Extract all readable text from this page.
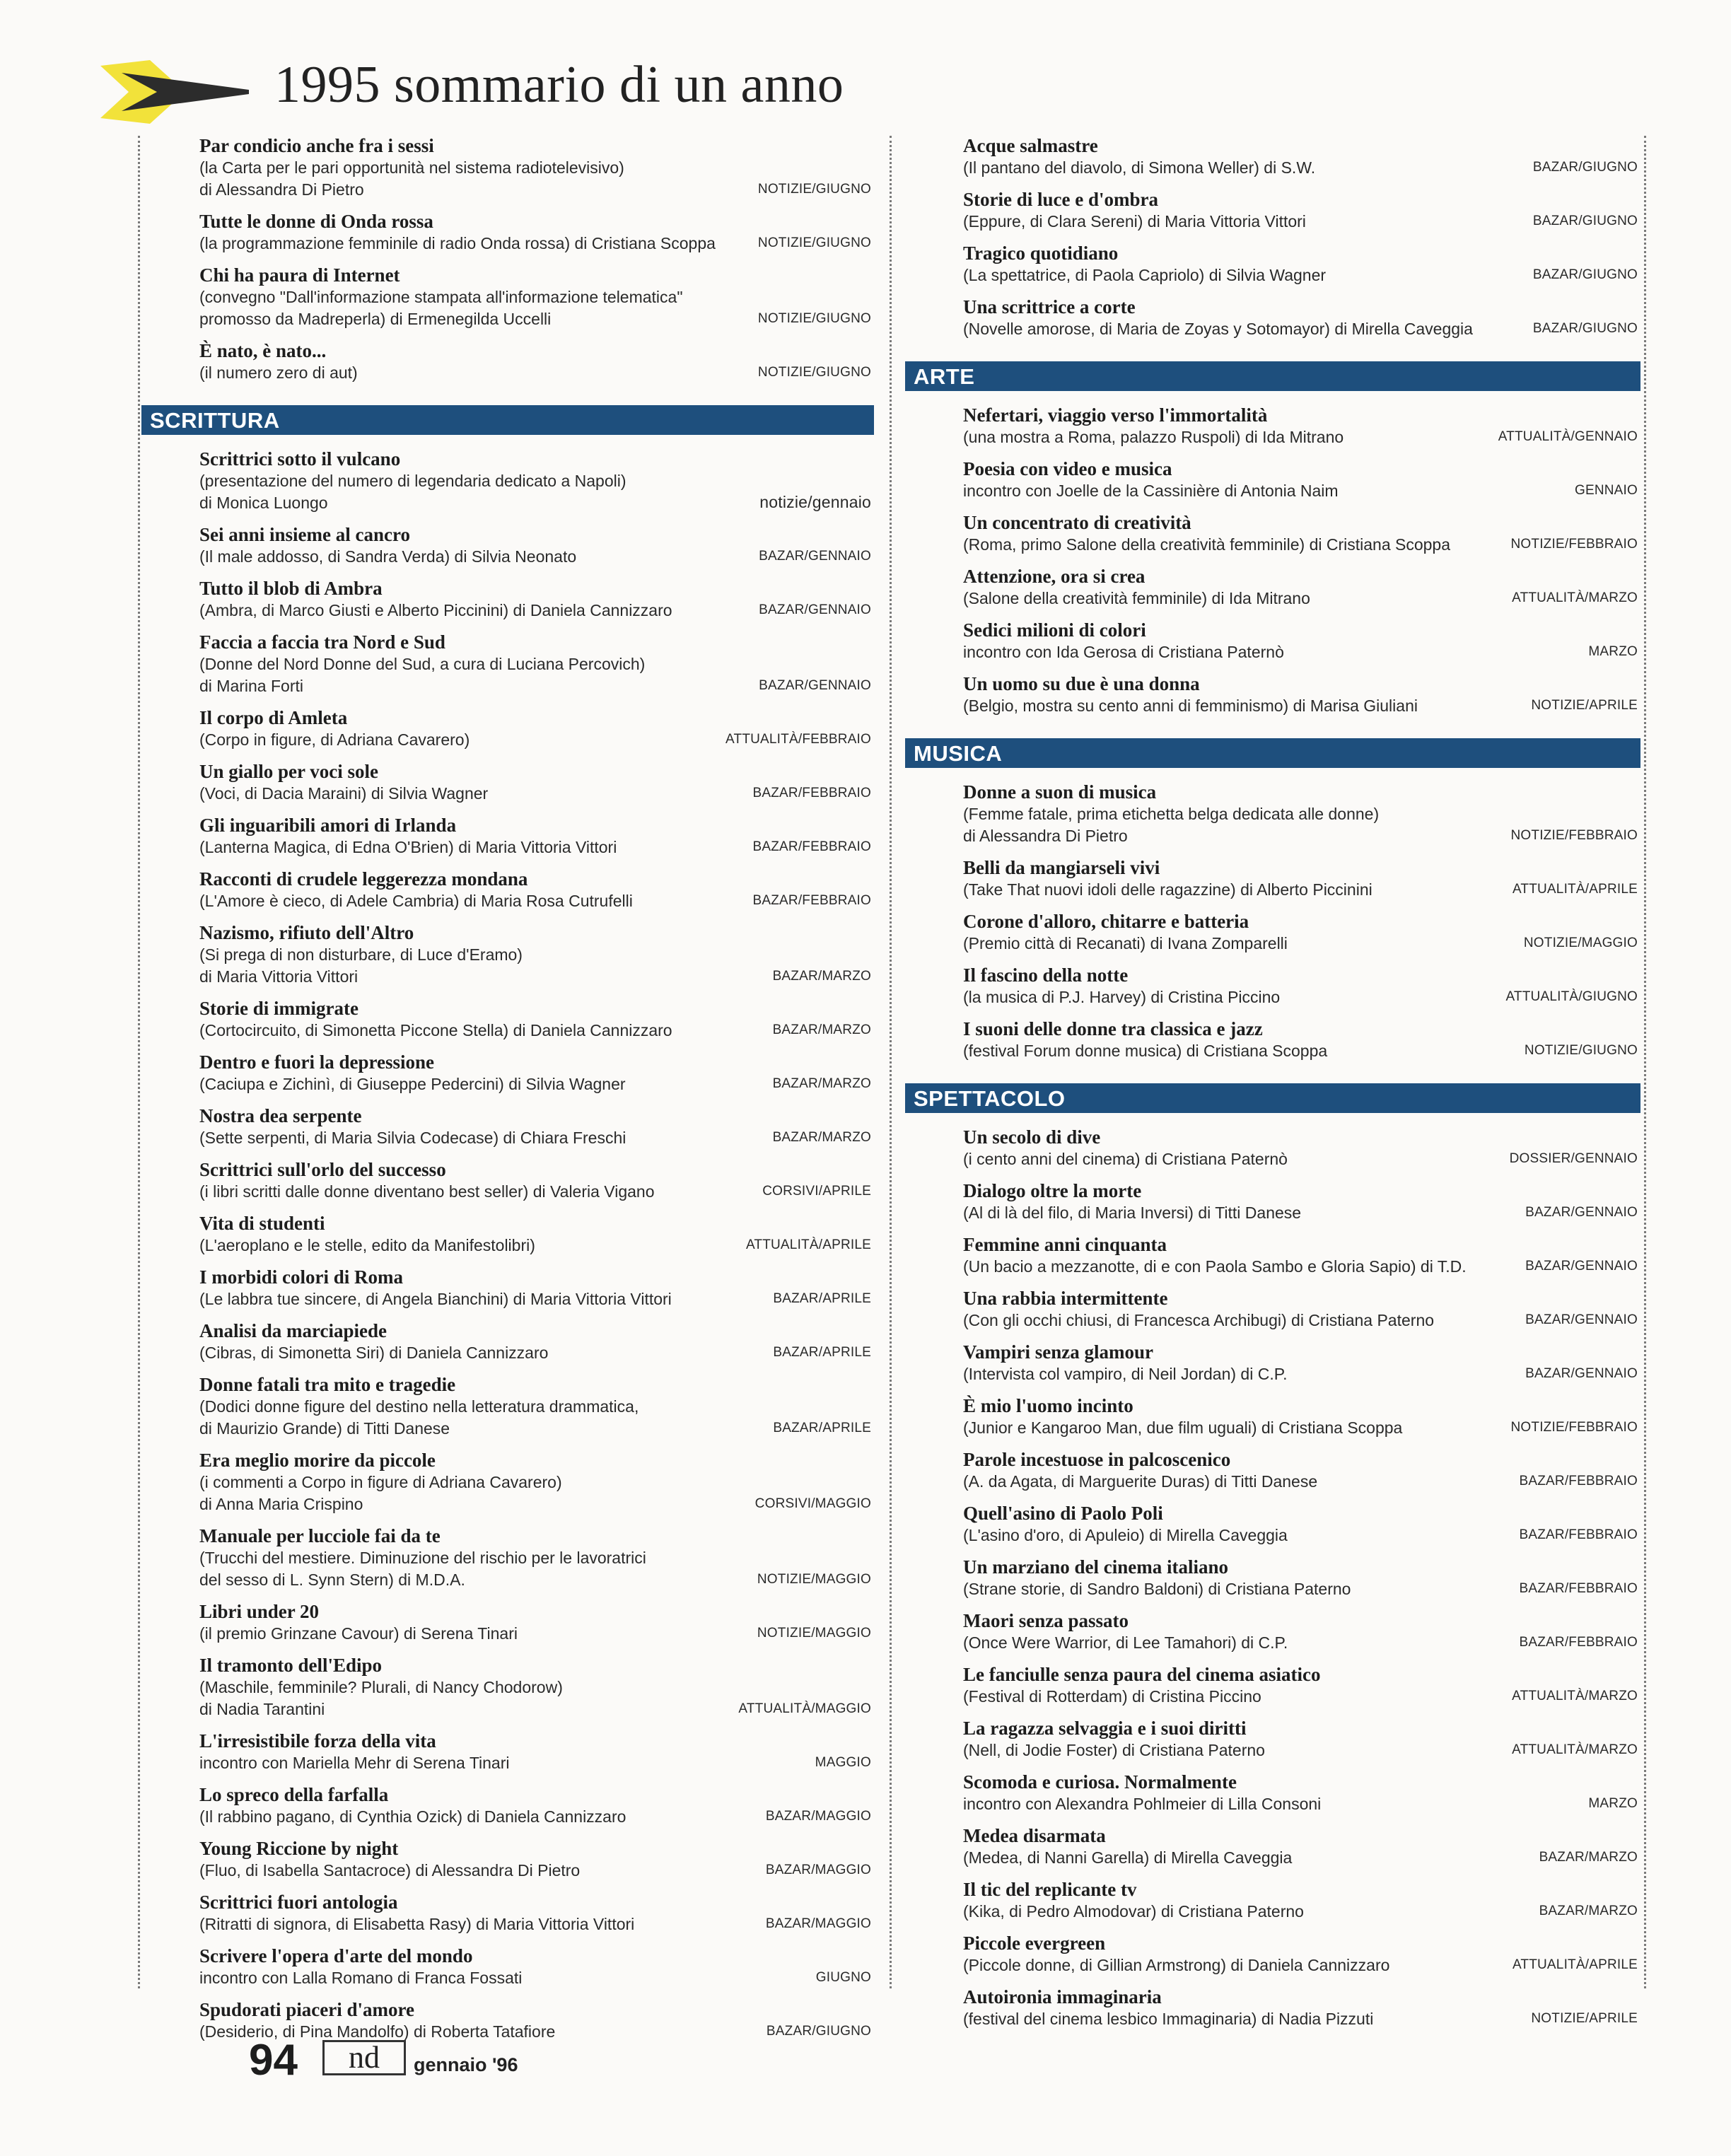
1995 sommario di un anno
Par condicio anche fra i sessi
(la Carta per le pari opportunità nel sistema radiotelevisivo)
di Alessandra Di Pietro	NOTIZIE/GIUGNO
Tutte le donne di Onda rossa
(la programmazione femminile di radio Onda rossa) di Cristiana Scoppa	NOTIZIE/GIUGNO
Chi ha paura di Internet
(convegno "Dall'informazione stampata all'informazione telematica"
promosso da Madreperla) di Ermenegilda Uccelli	NOTIZIE/GIUGNO
È nato, è nato...
(il numero zero di aut)	NOTIZIE/GIUGNO
SCRITTURA
Scrittrici sotto il vulcano
(presentazione del numero di legendaria dedicato a Napoli)
di Monica Luongo	notizie/gennaio
Sei anni insieme al cancro
(Il male addosso, di Sandra Verda) di Silvia Neonato	BAZAR/GENNAIO
Tutto il blob di Ambra
(Ambra, di Marco Giusti e Alberto Piccinini) di Daniela Cannizzaro	BAZAR/GENNAIO
Faccia a faccia tra Nord e Sud
(Donne del Nord Donne del Sud, a cura di Luciana Percovich)
di Marina Forti	BAZAR/GENNAIO
Il corpo di Amleta
(Corpo in figure, di Adriana Cavarero)	ATTUALITÀ/FEBBRAIO
Un giallo per voci sole
(Voci, di Dacia Maraini) di Silvia Wagner	BAZAR/FEBBRAIO
Gli inguaribili amori di Irlanda
(Lanterna Magica, di Edna O'Brien) di Maria Vittoria Vittori	BAZAR/FEBBRAIO
Racconti di crudele leggerezza mondana
(L'Amore è cieco, di Adele Cambria) di Maria Rosa Cutrufelli	BAZAR/FEBBRAIO
Nazismo, rifiuto dell'Altro
(Si prega di non disturbare, di Luce d'Eramo)
di Maria Vittoria Vittori	BAZAR/MARZO
Storie di immigrate
(Cortocircuito, di Simonetta Piccone Stella) di Daniela Cannizzaro	BAZAR/MARZO
Dentro e fuori la depressione
(Caciupa e Zichinì, di Giuseppe Pedercini) di Silvia Wagner	BAZAR/MARZO
Nostra dea serpente
(Sette serpenti, di Maria Silvia Codecase) di Chiara Freschi	BAZAR/MARZO
Scrittrici sull'orlo del successo
(i libri scritti dalle donne diventano best seller) di Valeria Vigano	CORSIVI/APRILE
Vita di studenti
(L'aeroplano e le stelle, edito da Manifestolibri)	ATTUALITÀ/APRILE
I morbidi colori di Roma
(Le labbra tue sincere, di Angela Bianchini) di Maria Vittoria Vittori	BAZAR/APRILE
Analisi da marciapiede
(Cibras, di Simonetta Siri) di Daniela Cannizzaro	BAZAR/APRILE
Donne fatali tra mito e tragedie
(Dodici donne figure del destino nella letteratura drammatica,
di Maurizio Grande) di Titti Danese	BAZAR/APRILE
Era meglio morire da piccole
(i commenti a Corpo in figure di Adriana Cavarero)
di Anna Maria Crispino	CORSIVI/MAGGIO
Manuale per lucciole fai da te
(Trucchi del mestiere. Diminuzione del rischio per le lavoratrici
del sesso di L. Synn Stern) di M.D.A.	NOTIZIE/MAGGIO
Libri under 20
(il premio Grinzane Cavour) di Serena Tinari	NOTIZIE/MAGGIO
Il tramonto dell'Edipo
(Maschile, femminile? Plurali, di Nancy Chodorow)
di Nadia Tarantini	ATTUALITÀ/MAGGIO
L'irresistibile forza della vita
incontro con Mariella Mehr di Serena Tinari	MAGGIO
Lo spreco della farfalla
(Il rabbino pagano, di Cynthia Ozick) di Daniela Cannizzaro	BAZAR/MAGGIO
Young Riccione by night
(Fluo, di Isabella Santacroce) di Alessandra Di Pietro	BAZAR/MAGGIO
Scrittrici fuori antologia
(Ritratti di signora, di Elisabetta Rasy) di Maria Vittoria Vittori	BAZAR/MAGGIO
Scrivere l'opera d'arte del mondo
incontro con Lalla Romano di Franca Fossati	GIUGNO
Spudorati piaceri d'amore
(Desiderio, di Pina Mandolfo) di Roberta Tatafiore	BAZAR/GIUGNO
Acque salmastre
(Il pantano del diavolo, di Simona Weller) di S.W.	BAZAR/GIUGNO
Storie di luce e d'ombra
(Eppure, di Clara Sereni) di Maria Vittoria Vittori	BAZAR/GIUGNO
Tragico quotidiano
(La spettatrice, di Paola Capriolo) di Silvia Wagner	BAZAR/GIUGNO
Una scrittrice a corte
(Novelle amorose, di Maria de Zoyas y Sotomayor) di Mirella Caveggia	BAZAR/GIUGNO
ARTE
Nefertari, viaggio verso l'immortalità
(una mostra a Roma, palazzo Ruspoli) di Ida Mitrano	ATTUALITÀ/GENNAIO
Poesia con video e musica
incontro con Joelle de la Cassinière di Antonia Naim	GENNAIO
Un concentrato di creatività
(Roma, primo Salone della creatività femminile) di Cristiana Scoppa	NOTIZIE/FEBBRAIO
Attenzione, ora si crea
(Salone della creatività femminile) di Ida Mitrano	ATTUALITÀ/MARZO
Sedici milioni di colori
incontro con Ida Gerosa di Cristiana Paternò	MARZO
Un uomo su due è una donna
(Belgio, mostra su cento anni di femminismo) di Marisa Giuliani	NOTIZIE/APRILE
MUSICA
Donne a suon di musica
(Femme fatale, prima etichetta belga dedicata alle donne)
di Alessandra Di Pietro	NOTIZIE/FEBBRAIO
Belli da mangiarseli vivi
(Take That nuovi idoli delle ragazzine) di Alberto Piccinini	ATTUALITÀ/APRILE
Corone d'alloro, chitarre e batteria
(Premio città di Recanati) di Ivana Zomparelli	NOTIZIE/MAGGIO
Il fascino della notte
(la musica di P.J. Harvey) di Cristina Piccino	ATTUALITÀ/GIUGNO
I suoni delle donne tra classica e jazz
(festival Forum donne musica) di Cristiana Scoppa	NOTIZIE/GIUGNO
SPETTACOLO
Un secolo di dive
(i cento anni del cinema) di Cristiana Paternò	DOSSIER/GENNAIO
Dialogo oltre la morte
(Al di là del filo, di Maria Inversi) di Titti Danese	BAZAR/GENNAIO
Femmine anni cinquanta
(Un bacio a mezzanotte, di e con Paola Sambo e Gloria Sapio) di T.D.	BAZAR/GENNAIO
Una rabbia intermittente
(Con gli occhi chiusi, di Francesca Archibugi) di Cristiana Paterno	BAZAR/GENNAIO
Vampiri senza glamour
(Intervista col vampiro, di Neil Jordan) di C.P.	BAZAR/GENNAIO
È mio l'uomo incinto
(Junior e Kangaroo Man, due film uguali) di Cristiana Scoppa	NOTIZIE/FEBBRAIO
Parole incestuose in palcoscenico
(A. da Agata, di Marguerite Duras) di Titti Danese	BAZAR/FEBBRAIO
Quell'asino di Paolo Poli
(L'asino d'oro, di Apuleio) di Mirella Caveggia	BAZAR/FEBBRAIO
Un marziano del cinema italiano
(Strane storie, di Sandro Baldoni) di Cristiana Paterno	BAZAR/FEBBRAIO
Maori senza passato
(Once Were Warrior, di Lee Tamahori) di C.P.	BAZAR/FEBBRAIO
Le fanciulle senza paura del cinema asiatico
(Festival di Rotterdam) di Cristina Piccino	ATTUALITÀ/MARZO
La ragazza selvaggia e i suoi diritti
(Nell, di Jodie Foster) di Cristiana Paterno	ATTUALITÀ/MARZO
Scomoda e curiosa. Normalmente
incontro con Alexandra Pohlmeier di Lilla Consoni	MARZO
Medea disarmata
(Medea, di Nanni Garella) di Mirella Caveggia	BAZAR/MARZO
Il tic del replicante tv
(Kika, di Pedro Almodovar) di Cristiana Paterno	BAZAR/MARZO
Piccole evergreen
(Piccole donne, di Gillian Armstrong) di Daniela Cannizzaro	ATTUALITÀ/APRILE
Autoironia immaginaria
(festival del cinema lesbico Immaginaria) di Nadia Pizzuti	NOTIZIE/APRILE
94	nd	gennaio '96
